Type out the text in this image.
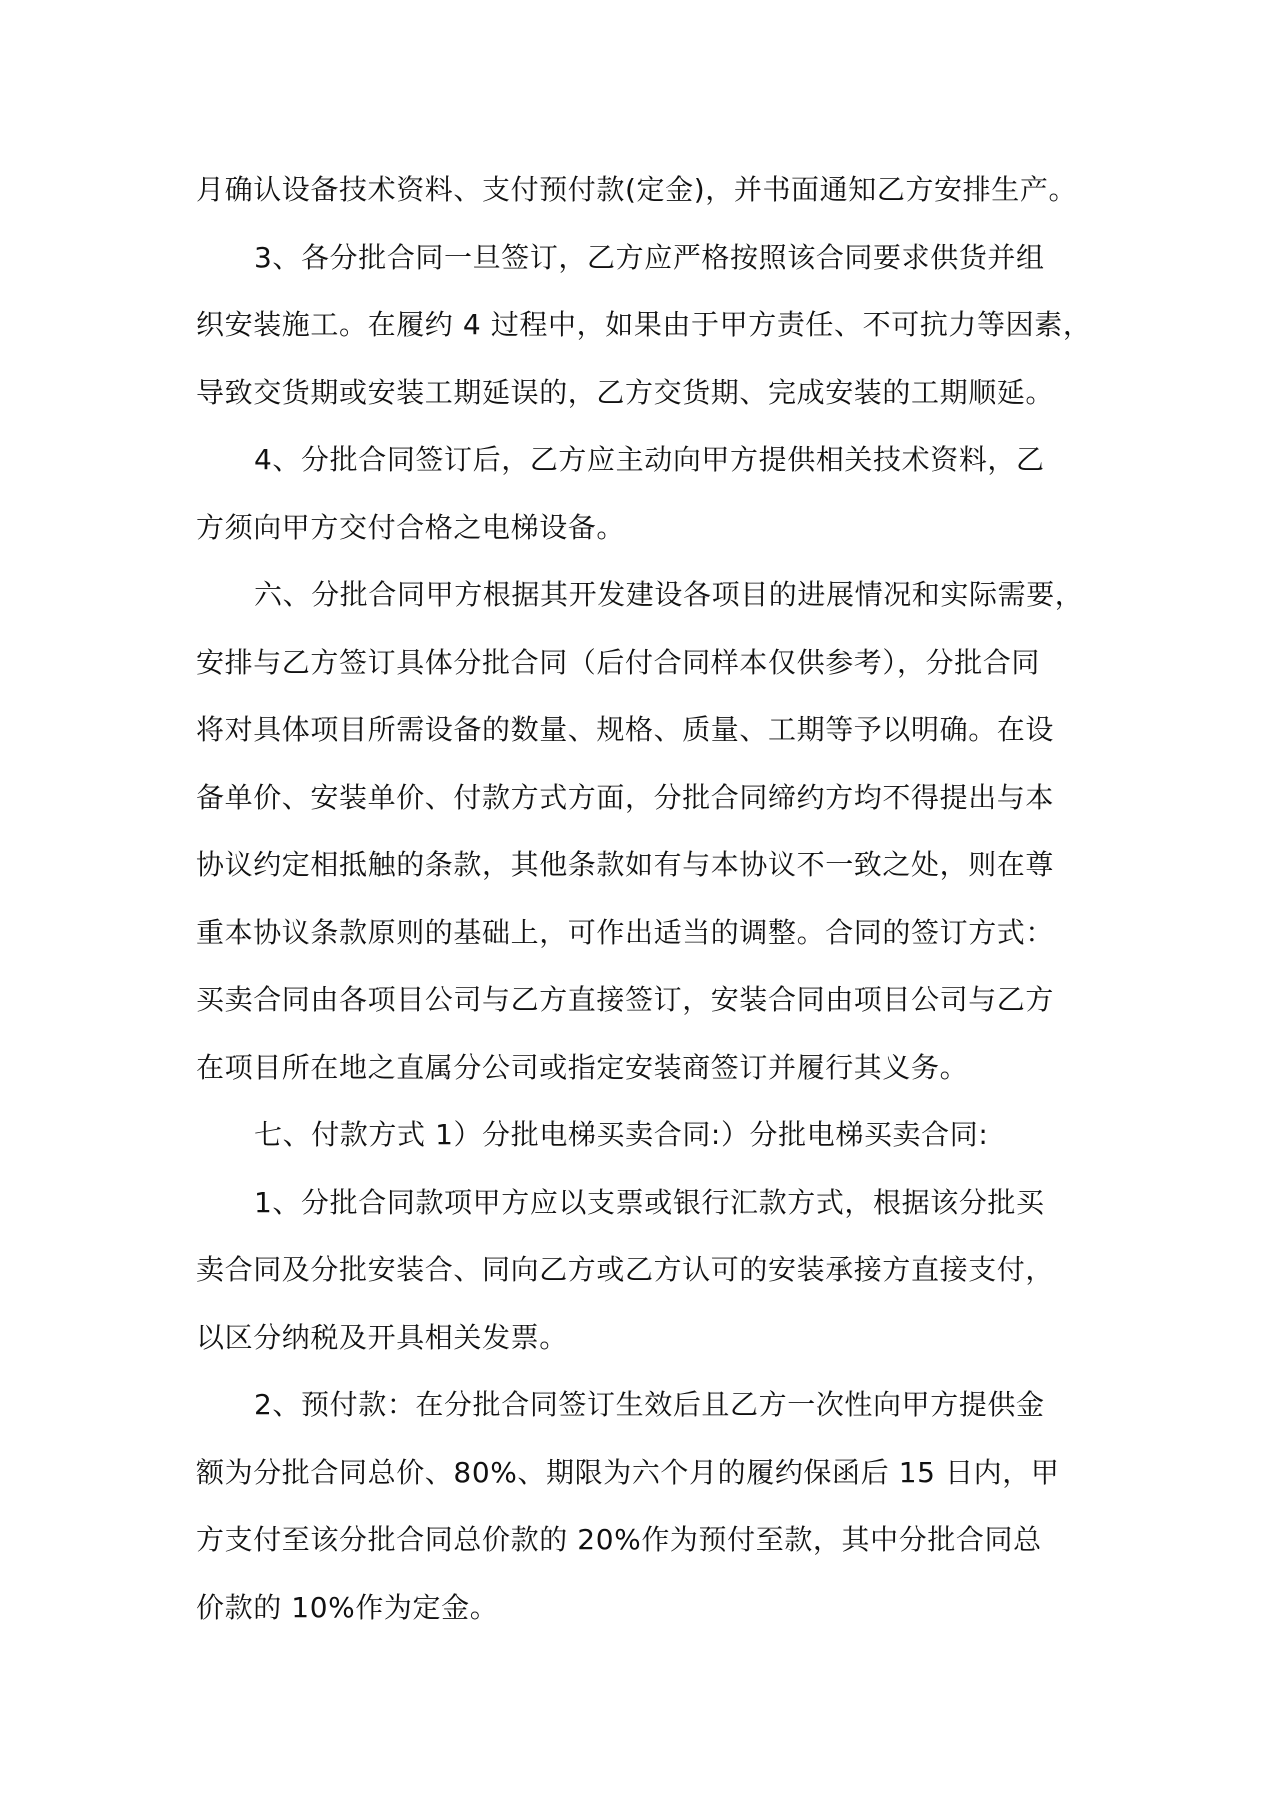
月确认设备技术资料、支付预付款(定金)，并书面通知乙方安排生产。
3、各分批合同一旦签订，乙方应严格按照该合同要求供货并组
织安装施工。在履约 4 过程中，如果由于甲方责任、不可抗力等因素，
导致交货期或安装工期延误的，乙方交货期、完成安装的工期顺延。
4、分批合同签订后，乙方应主动向甲方提供相关技术资料，乙
方须向甲方交付合格之电梯设备。
六、分批合同甲方根据其开发建设各项目的进展情况和实际需要，
安排与乙方签订具体分批合同（后付合同样本仅供参考），分批合同
将对具体项目所需设备的数量、规格、质量、工期等予以明确。在设
备单价、安装单价、付款方式方面，分批合同缔约方均不得提出与本
协议约定相抵触的条款，其他条款如有与本协议不一致之处，则在尊
重本协议条款原则的基础上，可作出适当的调整。合同的签订方式：
买卖合同由各项目公司与乙方直接签订，安装合同由项目公司与乙方
在项目所在地之直属分公司或指定安装商签订并履行其义务。
七、付款方式 1）分批电梯买卖合同:）分批电梯买卖合同:
1、分批合同款项甲方应以支票或银行汇款方式，根据该分批买
卖合同及分批安装合、同向乙方或乙方认可的安装承接方直接支付，
以区分纳税及开具相关发票。
2、预付款：在分批合同签订生效后且乙方一次性向甲方提供金
额为分批合同总价、80%、期限为六个月的履约保函后 15 日内，甲
方支付至该分批合同总价款的 20%作为预付至款，其中分批合同总
价款的 10%作为定金。
